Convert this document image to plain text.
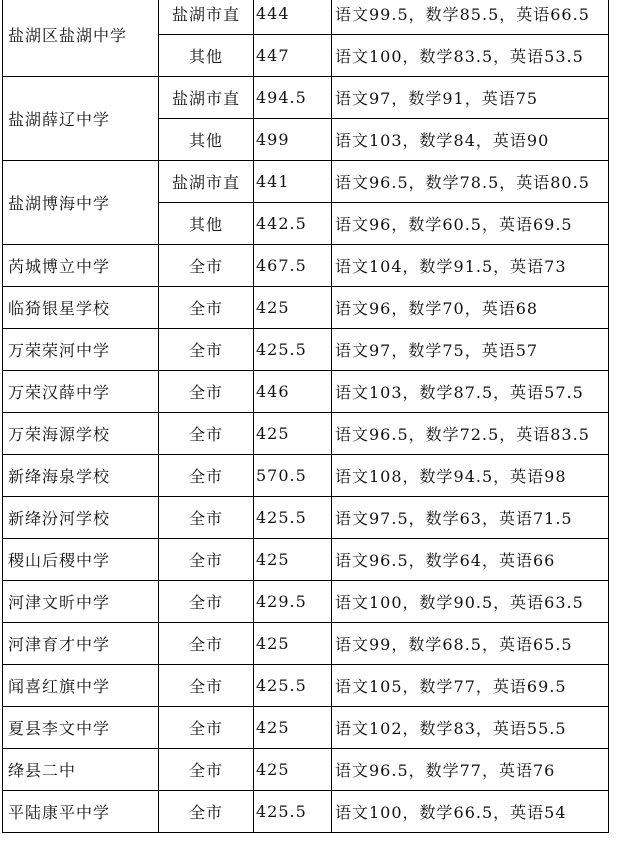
盐湖区盐湖中学	盐湖市直	444	语文99.5，数学85.5，英语66.5
	其他	447	语文100，数学83.5，英语53.5
盐湖薛辽中学	盐湖市直	494.5	语文97，数学91，英语75
	其他	499	语文103，数学84，英语90
盐湖博海中学	盐湖市直	441	语文96.5，数学78.5，英语80.5
	其他	442.5	语文96，数学60.5，英语69.5
芮城博立中学	全市	467.5	语文104，数学91.5，英语73
临猗银星学校	全市	425	语文96，数学70，英语68
万荣荣河中学	全市	425.5	语文97，数学75，英语57
万荣汉薛中学	全市	446	语文103，数学87.5，英语57.5
万荣海源学校	全市	425	语文96.5，数学72.5，英语83.5
新绛海泉学校	全市	570.5	语文108，数学94.5，英语98
新绛汾河学校	全市	425.5	语文97.5，数学63，英语71.5
稷山后稷中学	全市	425	语文96.5，数学64，英语66
河津文昕中学	全市	429.5	语文100，数学90.5，英语63.5
河津育才中学	全市	425	语文99，数学68.5，英语65.5
闻喜红旗中学	全市	425.5	语文105，数学77，英语69.5
夏县李文中学	全市	425	语文102，数学83，英语55.5
绛县二中	全市	425	语文96.5，数学77，英语76
平陆康平中学	全市	425.5	语文100，数学66.5，英语54
